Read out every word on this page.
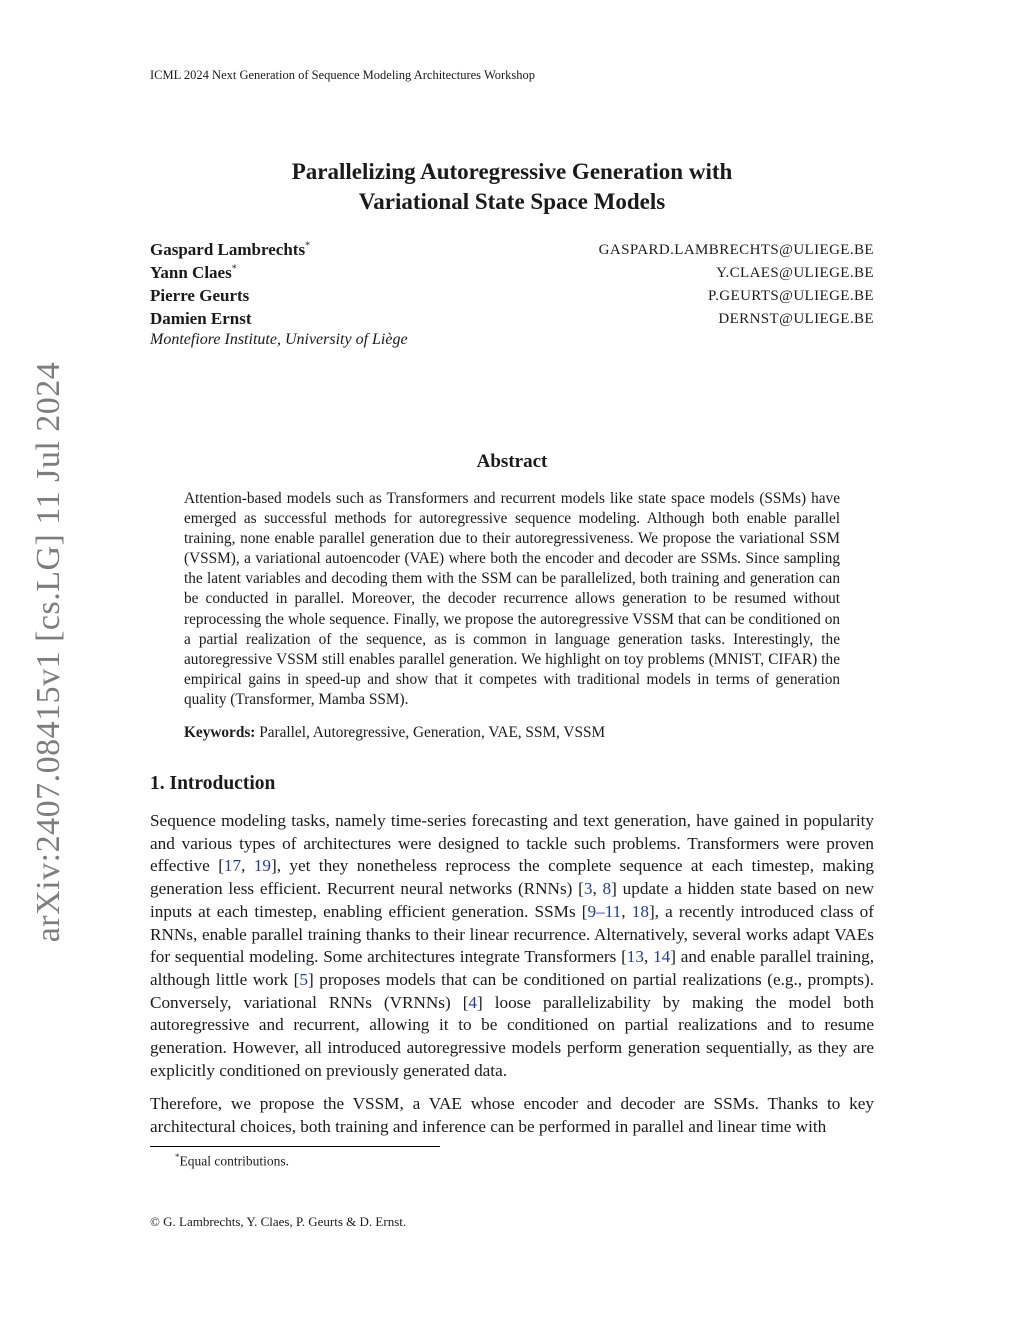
ICML 2024 Next Generation of Sequence Modeling Architectures Workshop
arXiv:2407.08415v1 [cs.LG] 11 Jul 2024
Parallelizing Autoregressive Generation with
Variational State Space Models
Gaspard Lambrechts*	GASPARD.LAMBRECHTS@ULIEGE.BE
Yann Claes*	Y.CLAES@ULIEGE.BE
Pierre Geurts	P.GEURTS@ULIEGE.BE
Damien Ernst	DERNST@ULIEGE.BE
Montefiore Institute, University of Liège
Abstract
Attention-based models such as Transformers and recurrent models like state space models (SSMs) have emerged as successful methods for autoregressive sequence modeling. Although both enable parallel training, none enable parallel generation due to their autoregressiveness. We propose the variational SSM (VSSM), a variational autoencoder (VAE) where both the encoder and decoder are SSMs. Since sampling the latent variables and decoding them with the SSM can be parallelized, both training and generation can be conducted in parallel. Moreover, the decoder recurrence allows generation to be resumed without reprocessing the whole sequence. Finally, we propose the autoregressive VSSM that can be conditioned on a partial realization of the sequence, as is common in language generation tasks. Interestingly, the autoregressive VSSM still enables parallel generation. We highlight on toy problems (MNIST, CIFAR) the empirical gains in speed-up and show that it competes with traditional models in terms of generation quality (Transformer, Mamba SSM).
Keywords: Parallel, Autoregressive, Generation, VAE, SSM, VSSM
1. Introduction
Sequence modeling tasks, namely time-series forecasting and text generation, have gained in popularity and various types of architectures were designed to tackle such problems. Transformers were proven effective [17, 19], yet they nonetheless reprocess the complete sequence at each timestep, making generation less efficient. Recurrent neural networks (RNNs) [3, 8] update a hidden state based on new inputs at each timestep, enabling efficient generation. SSMs [9–11, 18], a recently introduced class of RNNs, enable parallel training thanks to their linear recurrence. Alternatively, several works adapt VAEs for sequential modeling. Some architectures integrate Transformers [13, 14] and enable parallel training, although little work [5] proposes models that can be conditioned on partial realizations (e.g., prompts). Conversely, variational RNNs (VRNNs) [4] loose parallelizability by making the model both autoregressive and recurrent, allowing it to be conditioned on partial realizations and to resume generation. However, all introduced autoregressive models perform generation sequentially, as they are explicitly conditioned on previously generated data.
Therefore, we propose the VSSM, a VAE whose encoder and decoder are SSMs. Thanks to key architectural choices, both training and inference can be performed in parallel and linear time with
*Equal contributions.
© G. Lambrechts, Y. Claes, P. Geurts & D. Ernst.
